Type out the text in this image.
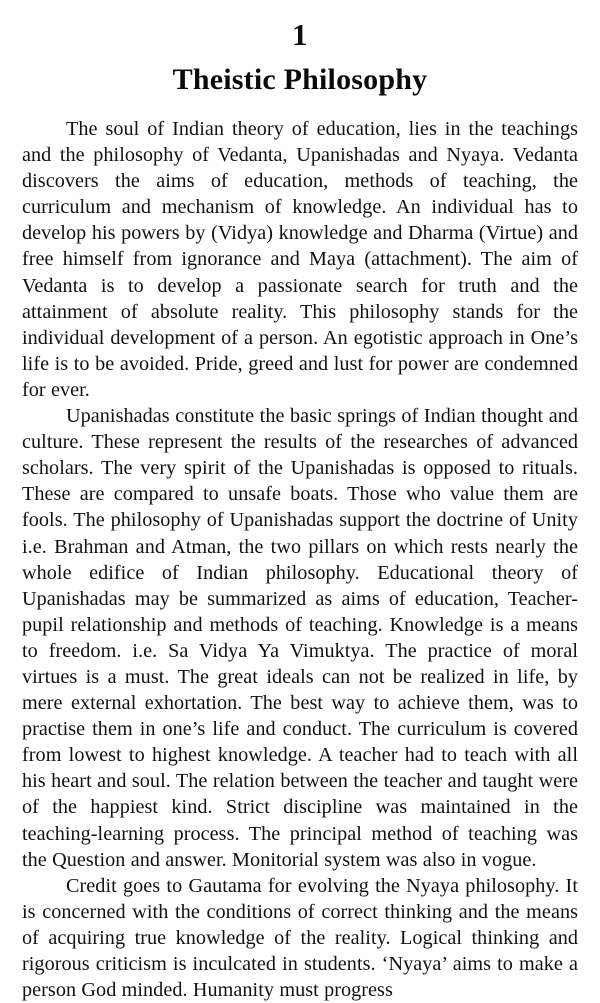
1
Theistic Philosophy

The soul of Indian theory of education, lies in the teachings and the philosophy of Vedanta, Upanishadas and Nyaya. Vedanta discovers the aims of education, methods of teaching, the curriculum and mechanism of knowledge. An individual has to develop his powers by (Vidya) knowledge and Dharma (Virtue) and free himself from ignorance and Maya (attachment). The aim of Vedanta is to develop a passionate search for truth and the attainment of absolute reality. This philosophy stands for the individual development of a person. An egotistic approach in One’s life is to be avoided. Pride, greed and lust for power are condemned for ever.

Upanishadas constitute the basic springs of Indian thought and culture. These represent the results of the researches of advanced scholars. The very spirit of the Upanishadas is opposed to rituals. These are compared to unsafe boats. Those who value them are fools. The philosophy of Upanishadas support the doctrine of Unity i.e. Brahman and Atman, the two pillars on which rests nearly the whole edifice of Indian philosophy. Educational theory of Upanishadas may be summarized as aims of education, Teacher-pupil relationship and methods of teaching. Knowledge is a means to freedom. i.e. Sa Vidya Ya Vimuktya. The practice of moral virtues is a must. The great ideals can not be realized in life, by mere external exhortation. The best way to achieve them, was to practise them in one’s life and conduct. The curriculum is covered from lowest to highest knowledge. A teacher had to teach with all his heart and soul. The relation between the teacher and taught were of the happiest kind. Strict discipline was maintained in the teaching-learning process. The principal method of teaching was the Question and answer. Monitorial system was also in vogue.

Credit goes to Gautama for evolving the Nyaya philosophy. It is concerned with the conditions of correct thinking and the means of acquiring true knowledge of the reality. Logical thinking and rigorous criticism is inculcated in students. ‘Nyaya’ aims to make a person God minded. Humanity must progress
